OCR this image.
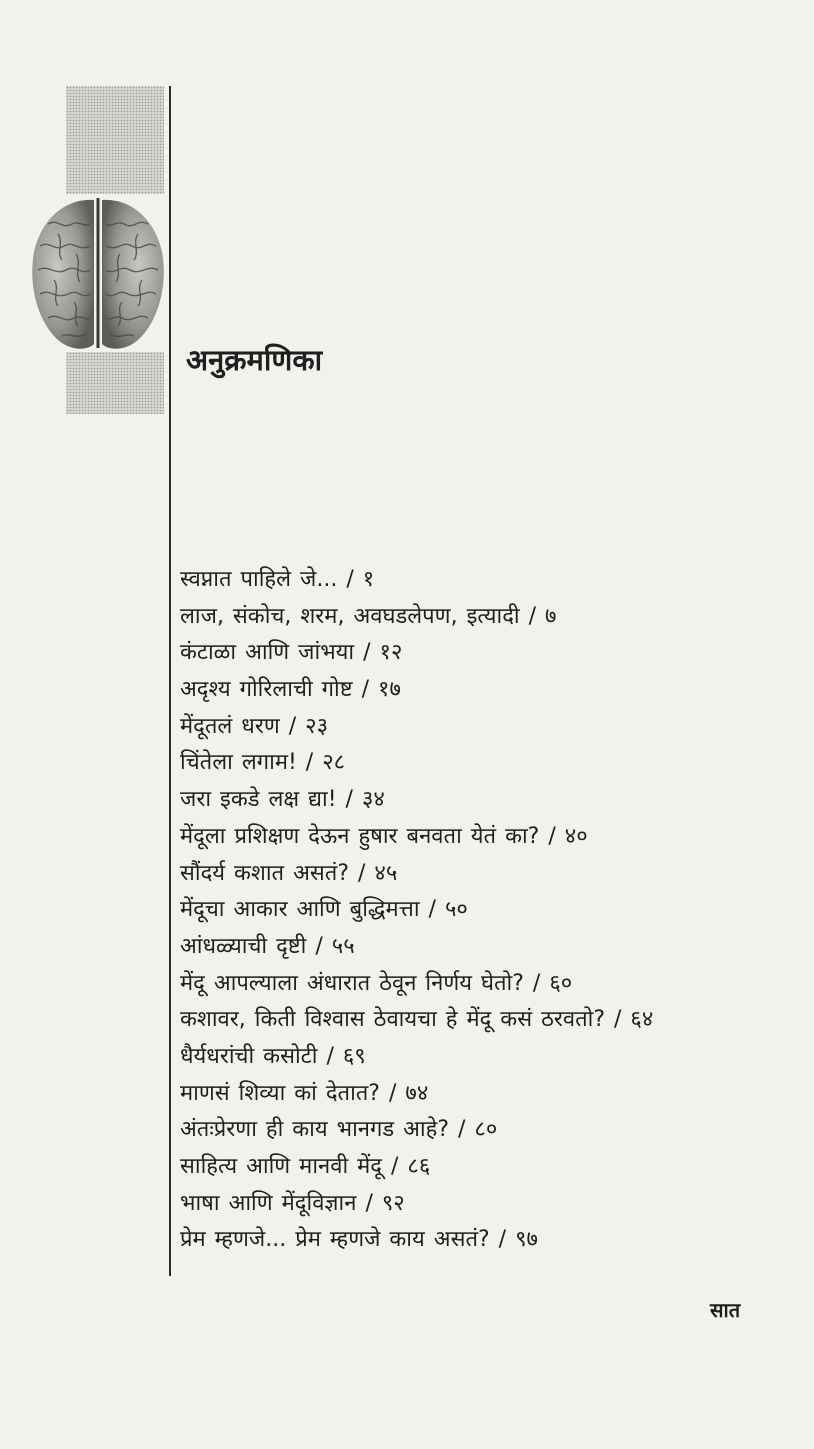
अनुक्रमणिका
स्वप्नात पाहिले जे... / १
लाज, संकोच, शरम, अवघडलेपण, इत्यादी / ७
कंटाळा आणि जांभया / १२
अदृश्य गोरिलाची गोष्ट / १७
मेंदूतलं धरण / २३
चिंतेला लगाम! / २८
जरा इकडे लक्ष द्या! / ३४
मेंदूला प्रशिक्षण देऊन हुषार बनवता येतं का? / ४०
सौंदर्य कशात असतं? / ४५
मेंदूचा आकार आणि बुद्धिमत्ता / ५०
आंधळ्याची दृष्टी / ५५
मेंदू आपल्याला अंधारात ठेवून निर्णय घेतो? / ६०
कशावर, किती विश्वास ठेवायचा हे मेंदू कसं ठरवतो? / ६४
धैर्यधरांची कसोटी / ६९
माणसं शिव्या कां देतात? / ७४
अंतःप्रेरणा ही काय भानगड आहे? / ८०
साहित्य आणि मानवी मेंदू / ८६
भाषा आणि मेंदूविज्ञान / ९२
प्रेम म्हणजे... प्रेम म्हणजे काय असतं? / ९७
सात
